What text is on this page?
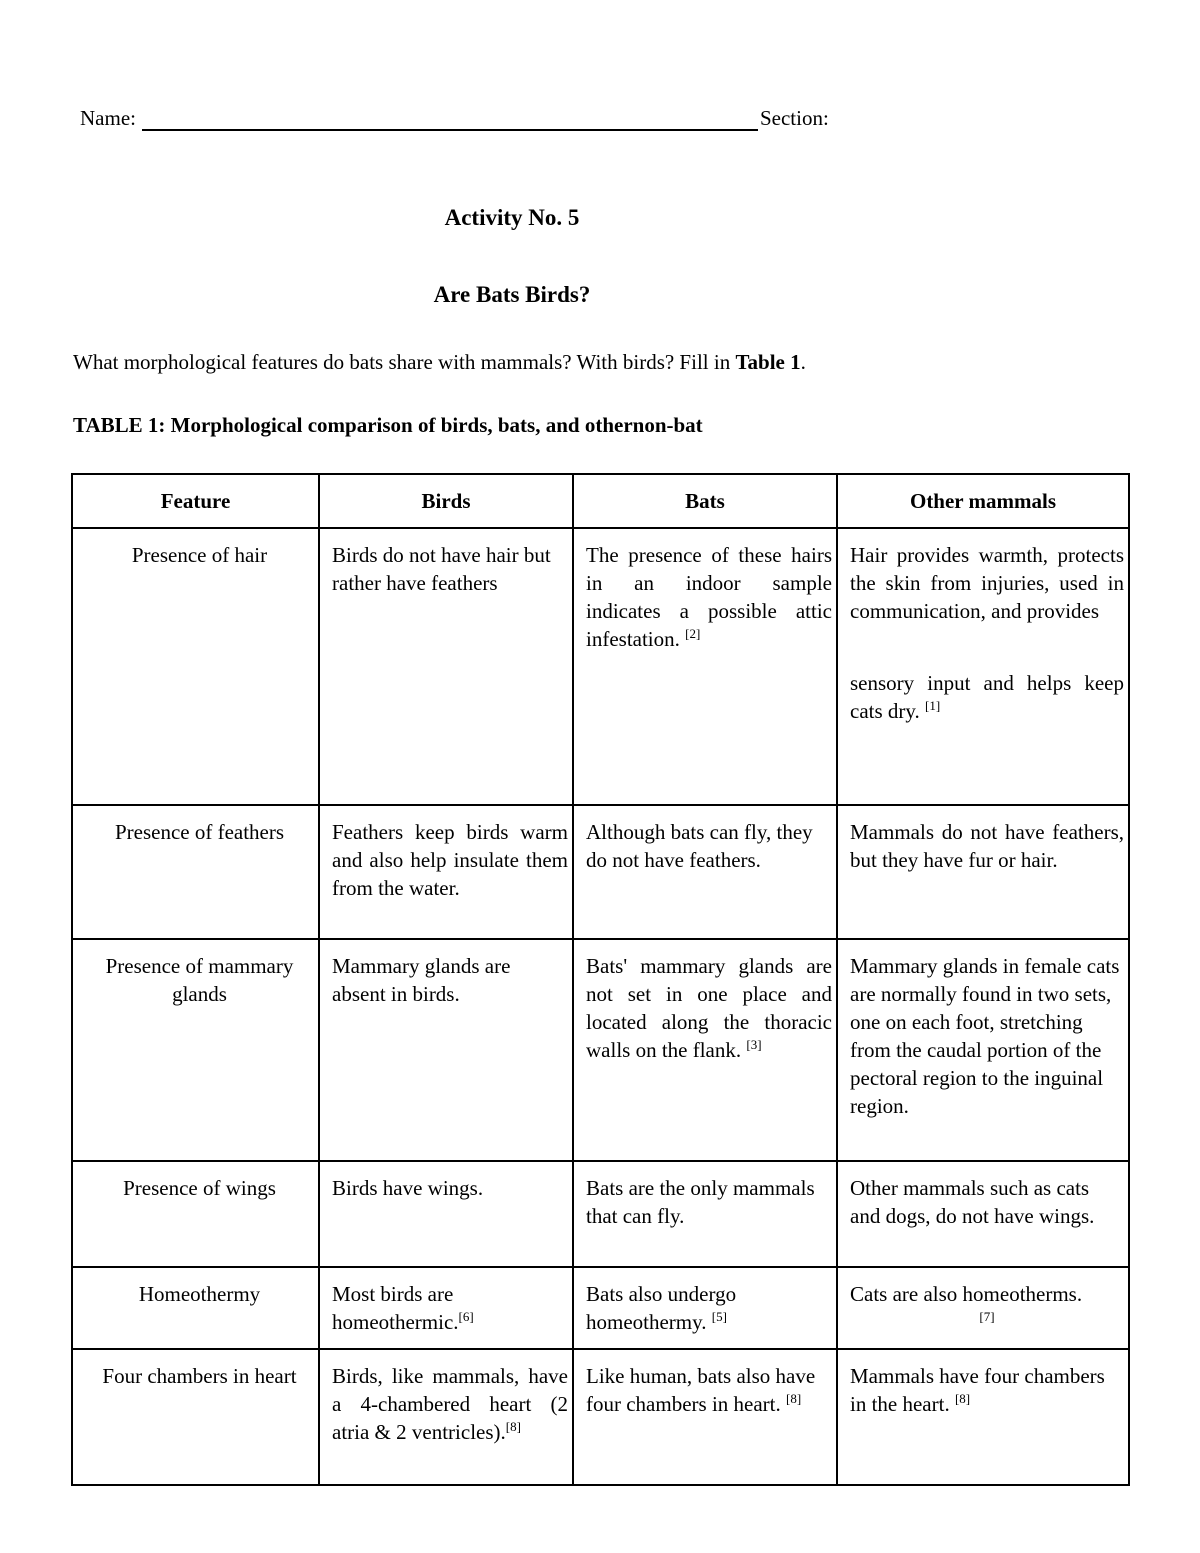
Name:	Section:
Activity No. 5
Are Bats Birds?
What morphological features do bats share with mammals? With birds? Fill in Table 1.
TABLE 1: Morphological comparison of birds, bats, and othernon-bat
Feature	Birds	Bats	Other mammals
Presence of hair	Birds do not have hair but rather have feathers	The presence of these hairs in an indoor sample indicates a possible attic infestation. [2]	Hair provides warmth, protects the skin from injuries, used in communication, and provides
sensory input and helps keep cats dry. [1]
Presence of feathers	Feathers keep birds warm and also help insulate them from the water.	Although bats can fly, they do not have feathers.	Mammals do not have feathers, but they have fur or hair.
Presence of mammary glands	Mammary glands are absent in birds.	Bats' mammary glands are not set in one place and located along the thoracic walls on the flank. [3]	Mammary glands in female cats are normally found in two sets, one on each foot, stretching from the caudal portion of the pectoral region to the inguinal region.
Presence of wings	Birds have wings.	Bats are the only mammals that can fly.	Other mammals such as cats and dogs, do not have wings.
Homeothermy	Most birds are homeothermic.[6]	Bats also undergo homeothermy. [5]	Cats are also homeotherms.
[7]

Four chambers in heart	Birds, like mammals, have a 4-chambered heart (2 atria & 2 ventricles).[8]	Like human, bats also have four chambers in heart. [8]	Mammals have four chambers in the heart. [8]
